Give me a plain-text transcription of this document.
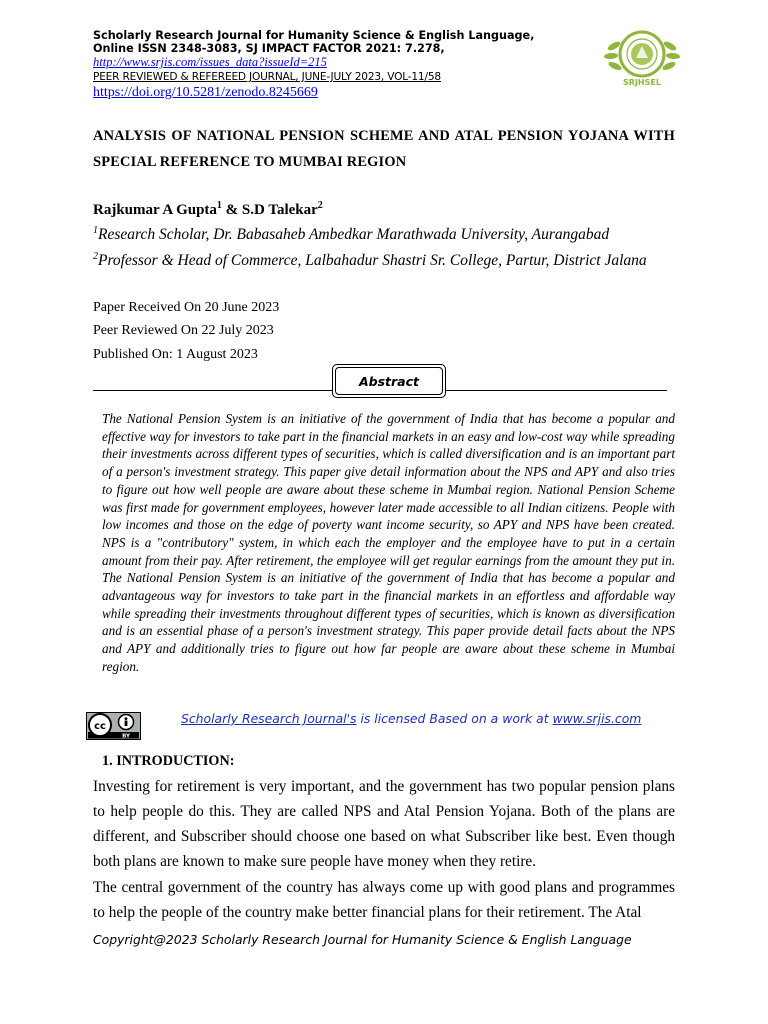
Scholarly Research Journal for Humanity Science & English Language,
Online ISSN 2348-3083, SJ IMPACT FACTOR 2021: 7.278,
http://www.srjis.com/issues_data?issueId=215
PEER REVIEWED & REFEREED JOURNAL, JUNE-JULY 2023, VOL-11/58
https://doi.org/10.5281/zenodo.8245669
SRJHSEL
ANALYSIS OF NATIONAL PENSION SCHEME AND ATAL PENSION YOJANA WITH SPECIAL REFERENCE TO MUMBAI REGION
Rajkumar A Gupta$^1$ & S.D Talekar$^2$
$^1$Research Scholar, Dr. Babasaheb Ambedkar Marathwada University, Aurangabad
$^2$Professor & Head of Commerce, Lalbahadur Shastri Sr. College, Partur, District Jalana
Paper Received On 20 June 2023
Peer Reviewed On 22 July 2023
Published On: 1 August 2023
Abstract
The National Pension System is an initiative of the government of India that has become a popular and effective way for investors to take part in the financial markets in an easy and low-cost way while spreading their investments across different types of securities, which is called diversification and is an important part of a person's investment strategy. This paper give detail information about the NPS and APY and also tries to figure out how well people are aware about these scheme in Mumbai region. National Pension Scheme was first made for government employees, however later made accessible to all Indian citizens. People with low incomes and those on the edge of poverty want income security, so APY and NPS have been created. NPS is a "contributory" system, in which each the employer and the employee have to put in a certain amount from their pay. After retirement, the employee will get regular earnings from the amount they put in. The National Pension System is an initiative of the government of India that has become a popular and advantageous way for investors to take part in the financial markets in an effortless and affordable way while spreading their investments throughout different types of securities, which is known as diversification and is an essential phase of a person's investment strategy. This paper provide detail facts about the NPS and APY and additionally tries to figure out how far people are aware about these scheme in Mumbai region.
cc
BY
Scholarly Research Journal's is licensed Based on a work at www.srjis.com
1. INTRODUCTION:
Investing for retirement is very important, and the government has two popular pension plans to help people do this. They are called NPS and Atal Pension Yojana. Both of the plans are different, and Subscriber should choose one based on what Subscriber like best. Even though both plans are known to make sure people have money when they retire.
The central government of the country has always come up with good plans and programmes to help the people of the country make better financial plans for their retirement. The Atal
Copyright@2023 Scholarly Research Journal for Humanity Science & English Language
